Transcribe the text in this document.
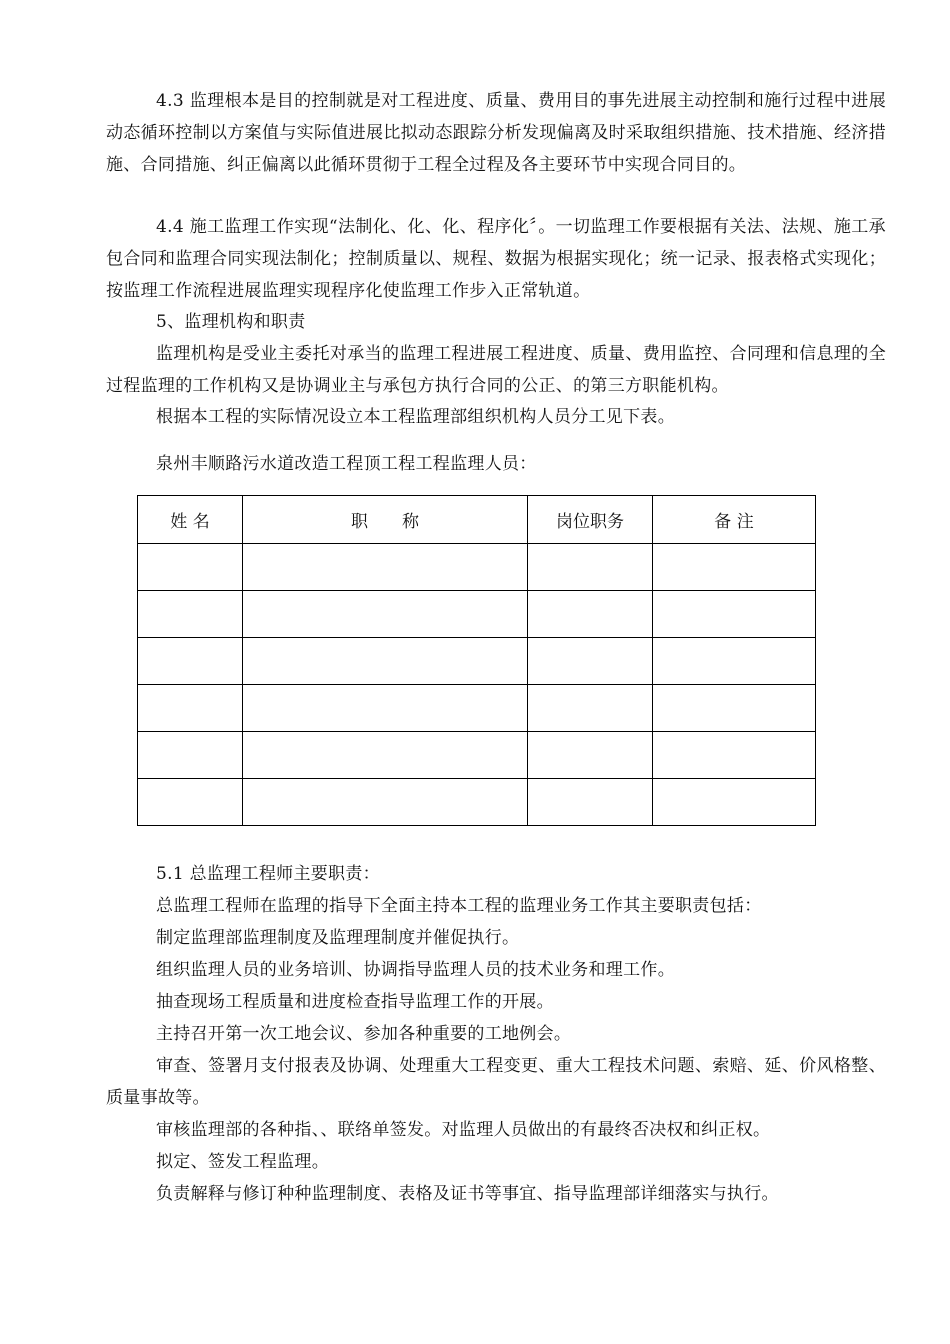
4.3 监理根本是目的控制就是对工程进度、质量、费用目的事先进展主动控制和施行过程中进展动态循环控制以方案值与实际值进展比拟动态跟踪分析发现偏离及时采取组织措施、技术措施、经济措施、合同措施、纠正偏离以此循环贯彻于工程全过程及各主要环节中实现合同目的。

4.4 施工监理工作实现“法制化、化、化、程序化〞。一切监理工作要根据有关法、法规、施工承包合同和监理合同实现法制化；控制质量以、规程、数据为根据实现化；统一记录、报表格式实现化；按监理工作流程进展监理实现程序化使监理工作步入正常轨道。

5、监理机构和职责

监理机构是受业主委托对承当的监理工程进展工程进度、质量、费用监控、合同理和信息理的全过程监理的工作机构又是协调业主与承包方执行合同的公正、的第三方职能机构。

根据本工程的实际情况设立本工程监理部组织机构人员分工见下表。

泉州丰顺路污水道改造工程顶工程工程监理人员：

姓 名	职　　称	岗位职务	备 注

5.1 总监理工程师主要职责：

总监理工程师在监理的指导下全面主持本工程的监理业务工作其主要职责包括：

制定监理部监理制度及监理理制度并催促执行。

组织监理人员的业务培训、协调指导监理人员的技术业务和理工作。

抽查现场工程质量和进度检查指导监理工作的开展。

主持召开第一次工地会议、参加各种重要的工地例会。

审查、签署月支付报表及协调、处理重大工程变更、重大工程技术问题、索赔、延、价风格整、质量事故等。

审核监理部的各种指、、联络单签发。对监理人员做出的有最终否决权和纠正权。

拟定、签发工程监理。

负责解释与修订种种监理制度、表格及证书等事宜、指导监理部详细落实与执行。
